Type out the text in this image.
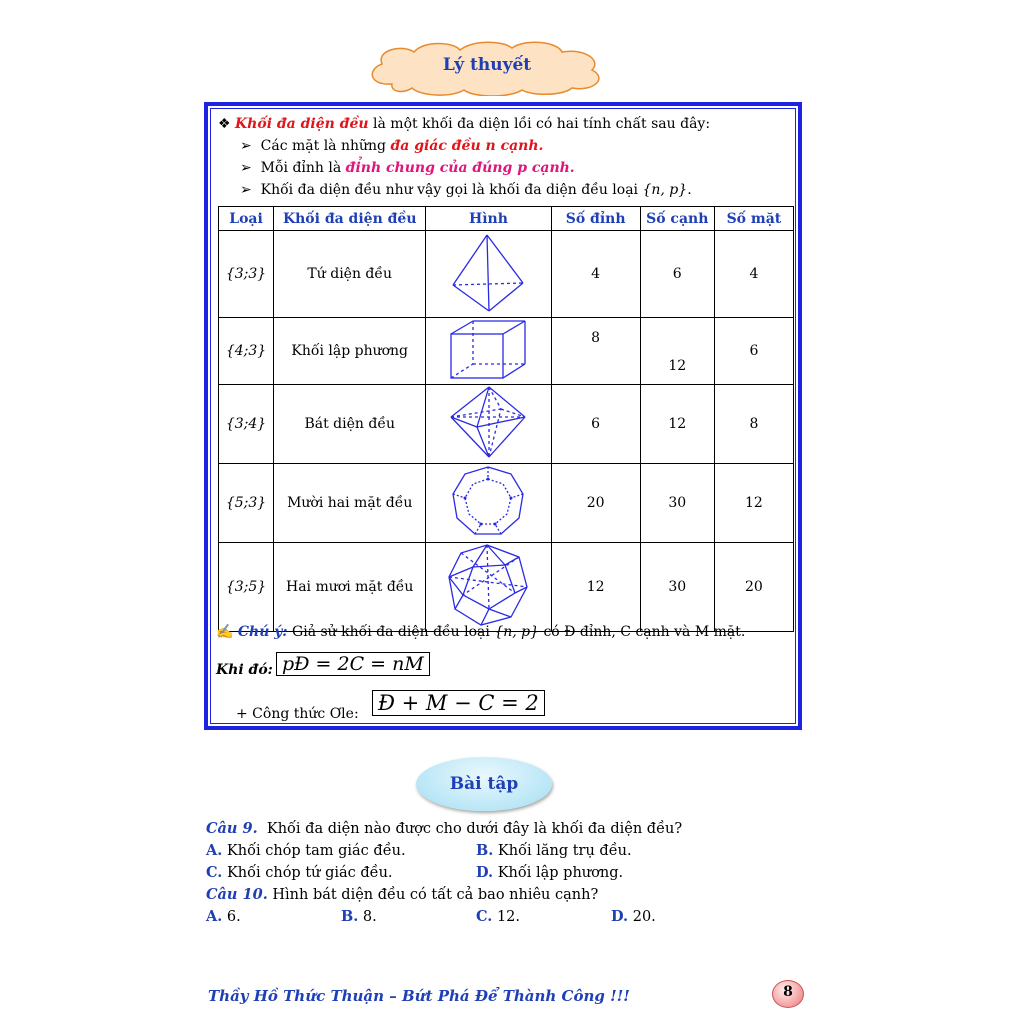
Lý thuyết
❖ Khối đa diện đều là một khối đa diện lồi có hai tính chất sau đây:
➢ Các mặt là những đa giác đều n cạnh.
➢ Mỗi đỉnh là đỉnh chung của đúng p cạnh.
➢ Khối đa diện đều như vậy gọi là khối đa diện đều loại {n, p}.
Loại	Khối đa diện đều	Hình	Số đỉnh	Số cạnh	Số mặt
{3;3}	Tứ diện đều		4	6	4
{4;3}	Khối lập phương		8	12	6
{3;4}	Bát diện đều		6	12	8
{5;3}	Mười hai mặt đều		20	30	12
{3;5}	Hai mươi mặt đều		12	30	20
✍ Chú ý: Giả sử khối đa diện đều loại {n, p} có Đ đỉnh, C cạnh và M mặt.
Khi đó: pĐ = 2C = nM
+ Công thức Ơle: Đ + M − C = 2
Bài tập
Câu 9. Khối đa diện nào được cho dưới đây là khối đa diện đều?
A. Khối chóp tam giác đều.	B. Khối lăng trụ đều.
C. Khối chóp tứ giác đều.	D. Khối lập phương.
Câu 10. Hình bát diện đều có tất cả bao nhiêu cạnh?
A. 6.	B. 8.	C. 12.	D. 20.
Thầy Hồ Thức Thuận – Bứt Phá Để Thành Công !!!	8
